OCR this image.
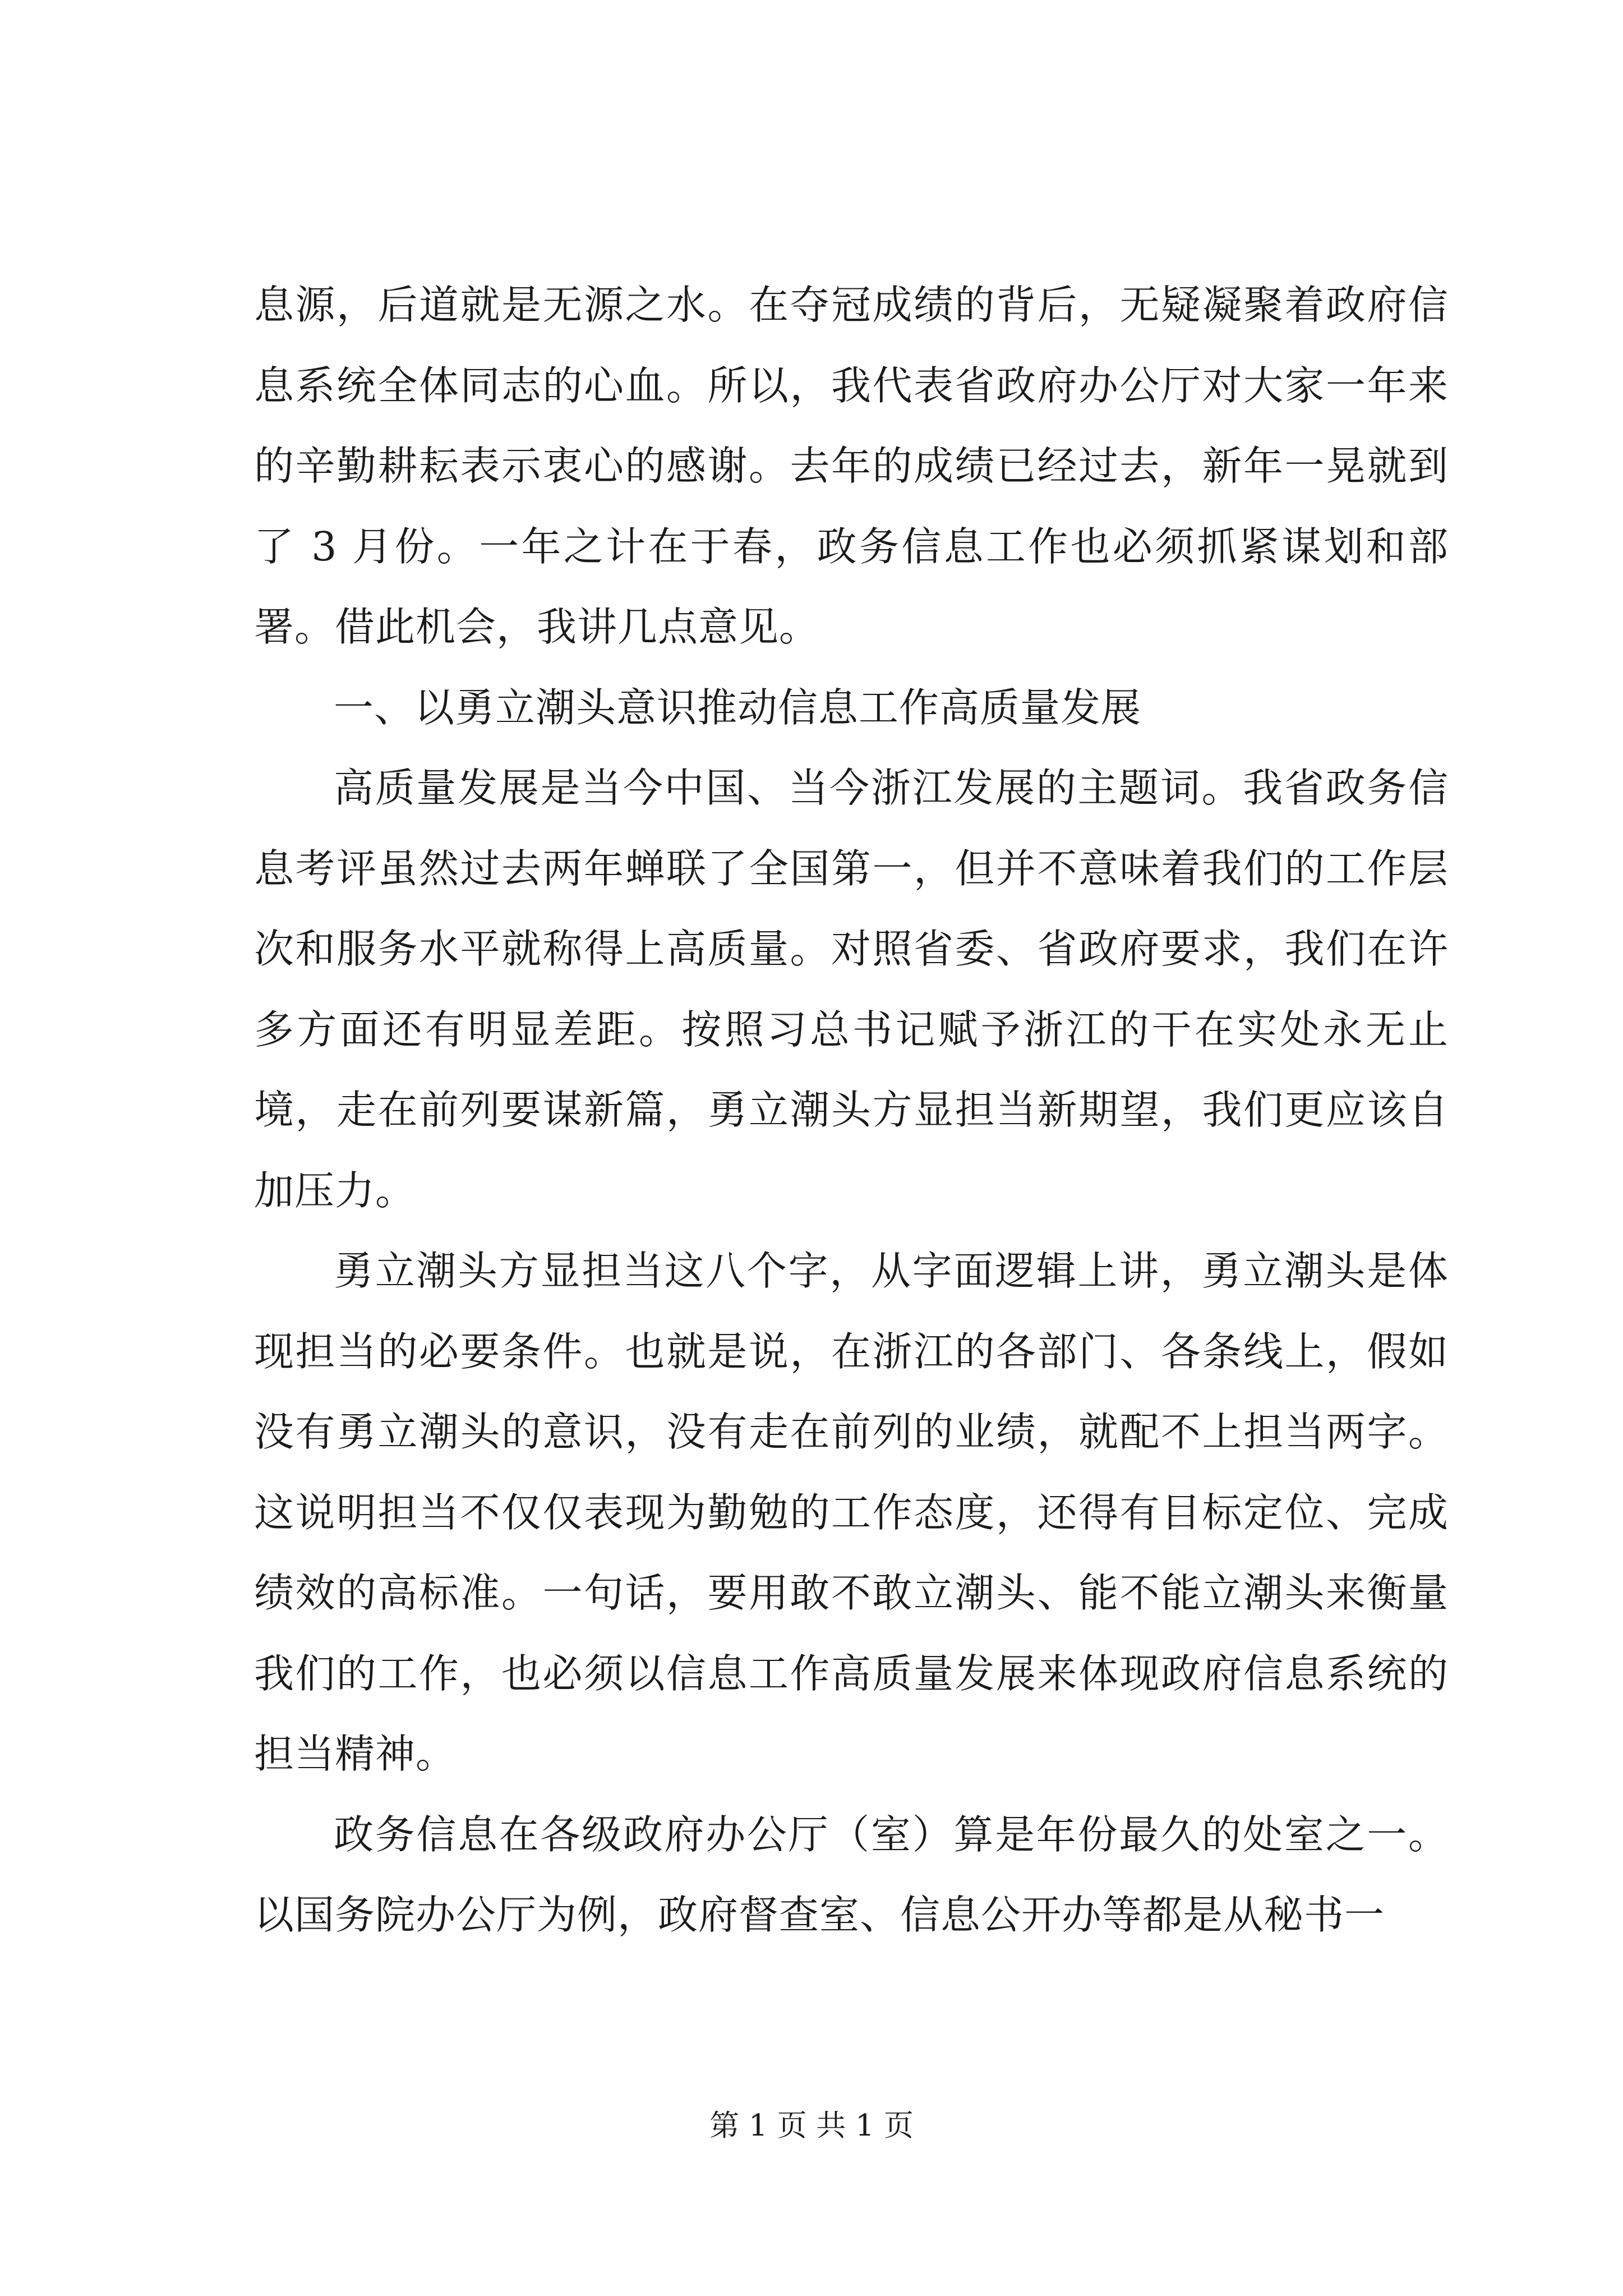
息源，后道就是无源之水。在夺冠成绩的背后，无疑凝聚着政府信息系统全体同志的心血。所以，我代表省政府办公厅对大家一年来的辛勤耕耘表示衷心的感谢。去年的成绩已经过去，新年一晃就到了 3 月份。一年之计在于春，政务信息工作也必须抓紧谋划和部署。借此机会，我讲几点意见。

一、以勇立潮头意识推动信息工作高质量发展

高质量发展是当今中国、当今浙江发展的主题词。我省政务信息考评虽然过去两年蝉联了全国第一，但并不意味着我们的工作层次和服务水平就称得上高质量。对照省委、省政府要求，我们在许多方面还有明显差距。按照习总书记赋予浙江的干在实处永无止境，走在前列要谋新篇，勇立潮头方显担当新期望，我们更应该自加压力。

勇立潮头方显担当这八个字，从字面逻辑上讲，勇立潮头是体现担当的必要条件。也就是说，在浙江的各部门、各条线上，假如没有勇立潮头的意识，没有走在前列的业绩，就配不上担当两字。这说明担当不仅仅表现为勤勉的工作态度，还得有目标定位、完成绩效的高标准。一句话，要用敢不敢立潮头、能不能立潮头来衡量我们的工作，也必须以信息工作高质量发展来体现政府信息系统的担当精神。

政务信息在各级政府办公厅（室）算是年份最久的处室之一。以国务院办公厅为例，政府督查室、信息公开办等都是从秘书一

第 1 页 共 1 页
